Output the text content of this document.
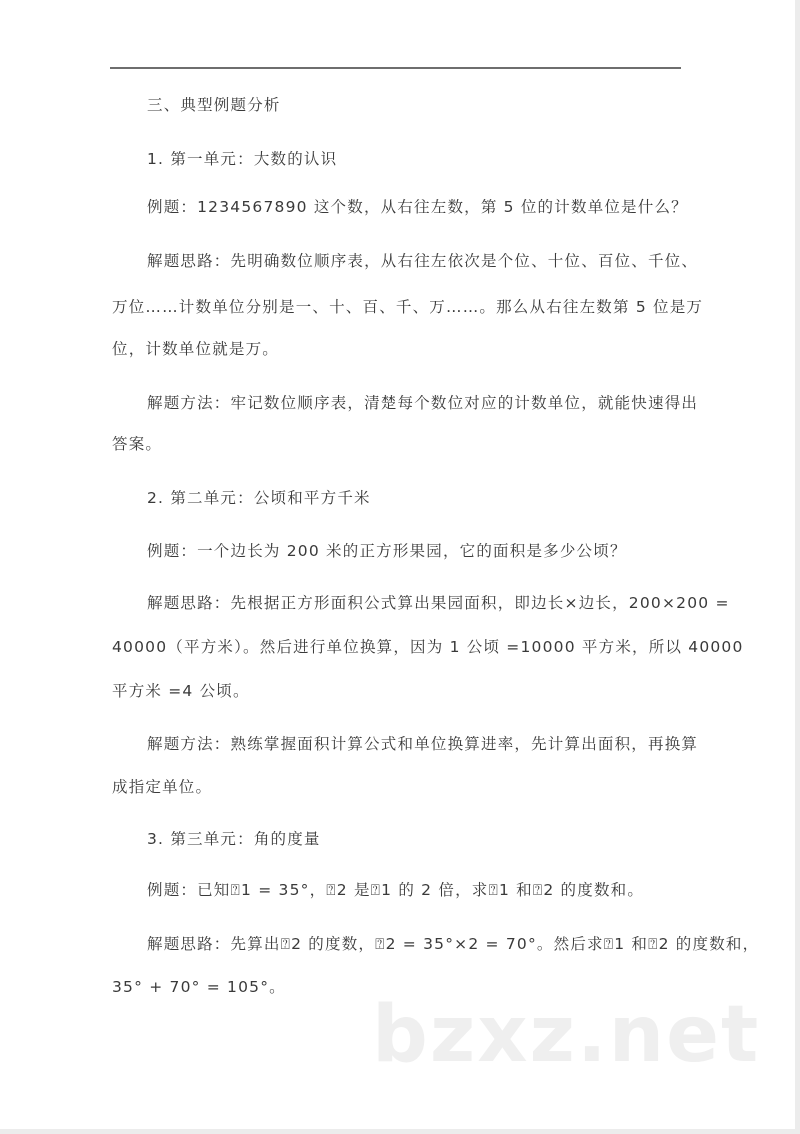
三、典型例题分析
1. 第一单元：大数的认识
例题：1234567890 这个数，从右往左数，第 5 位的计数单位是什么？
解题思路：先明确数位顺序表，从右往左依次是个位、十位、百位、千位、
万位……计数单位分别是一、十、百、千、万……。那么从右往左数第 5 位是万
位，计数单位就是万。
解题方法：牢记数位顺序表，清楚每个数位对应的计数单位，就能快速得出
答案。
2. 第二单元：公顷和平方千米
例题：一个边长为 200 米的正方形果园，它的面积是多少公顷？
解题思路：先根据正方形面积公式算出果园面积，即边长×边长，200×200 =
40000（平方米）。然后进行单位换算，因为 1 公顷 =10000 平方米，所以 40000
平方米 =4 公顷。
解题方法：熟练掌握面积计算公式和单位换算进率，先计算出面积，再换算
成指定单位。
3. 第三单元：角的度量
例题：已知⍰1 = 35°，⍰2 是⍰1 的 2 倍，求⍰1 和⍰2 的度数和。
解题思路：先算出⍰2 的度数，⍰2 = 35°×2 = 70°。然后求⍰1 和⍰2 的度数和，
35° + 70° = 105°。
bzxz.net
